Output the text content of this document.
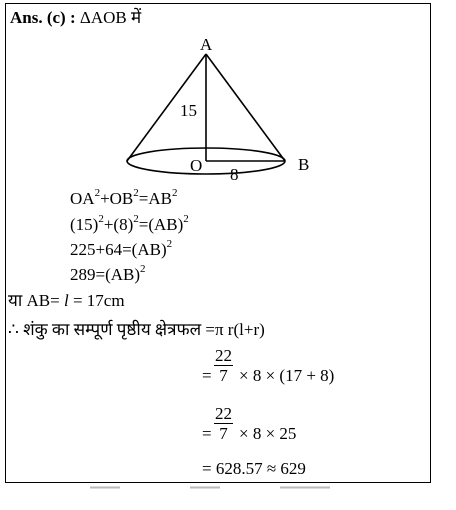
Ans. (c) : ΔAOB में
A
15
O 8
B
$OA^2+OB^2=AB^2$
$(15)^2+(8)^2=(AB)^2$
225+64=(AB)$^2$
289=(AB)$^2$
या AB= l = 17cm
∴ शंकु का सम्पूर्ण पृष्ठीय क्षेत्रफल =π r(l+r)
= $\frac{22}{7} \times 8 \times (17 + 8)$
= $\frac{22}{7} \times 8 \times 25$
= 628.57 ≈ 629
